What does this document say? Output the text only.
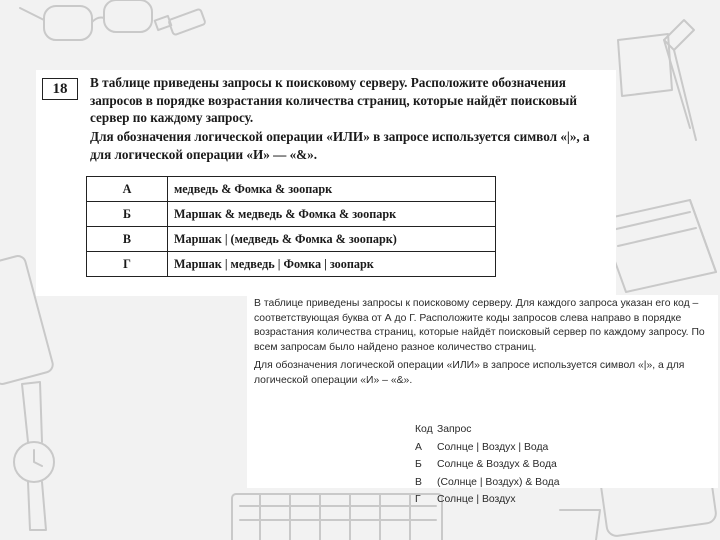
18	В таблице приведены запросы к поисковому серверу. Расположите обозначения запросов в порядке возрастания количества страниц, которые найдёт поисковый сервер по каждому запросу.

Для обозначения логической операции «ИЛИ» в запросе используется символ «|», а для логической операции «И» — «&».

А	медведь & Фомка & зоопарк
Б	Маршак & медведь & Фомка & зоопарк
В	Маршак | (медведь & Фомка & зоопарк)
Г	Маршак | медведь | Фомка | зоопарк

В таблице приведены запросы к поисковому серверу. Для каждого запроса указан его код – соответствующая буква от А до Г. Расположите коды запросов слева направо в порядке возрастания количества страниц, которые найдёт поисковый сервер по каждому запросу. По всем запросам было найдено разное количество страниц.

Для обозначения логической операции «ИЛИ» в запросе используется символ «|», а для логической операции «И» – «&».

Код	Запрос
А	Солнце | Воздух | Вода
Б	Солнце & Воздух & Вода
В	(Солнце | Воздух) & Вода
Г	Солнце | Воздух
